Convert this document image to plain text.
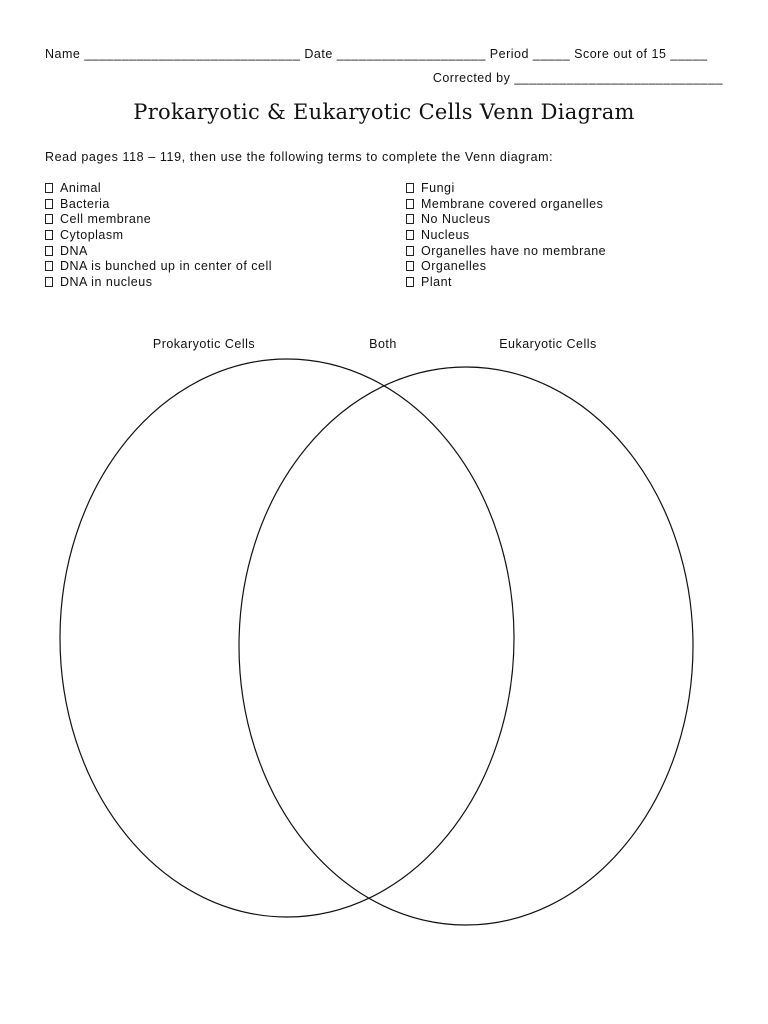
Name _____________________________ Date ____________________ Period _____ Score out of 15 _____
Corrected by ____________________________
Prokaryotic & Eukaryotic Cells Venn Diagram
Read pages 118 – 119, then use the following terms to complete the Venn diagram:
Animal
Bacteria
Cell membrane
Cytoplasm
DNA
DNA is bunched up in center of cell
DNA in nucleus
Fungi
Membrane covered organelles
No Nucleus
Nucleus
Organelles have no membrane
Organelles
Plant
Prokaryotic Cells	Both	Eukaryotic Cells
